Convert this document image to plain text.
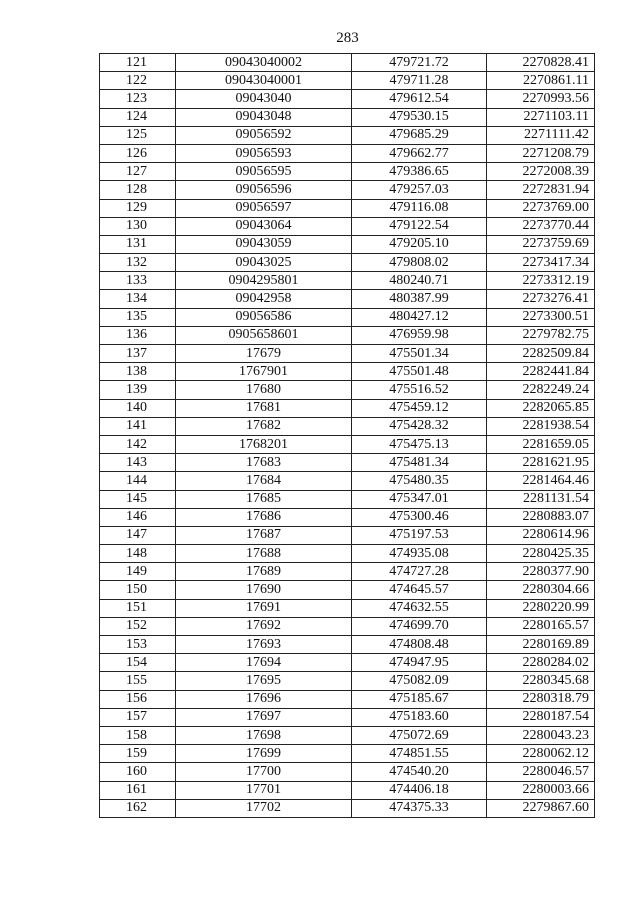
283
121	09043040002	479721.72	2270828.41
122	09043040001	479711.28	2270861.11
123	09043040	479612.54	2270993.56
124	09043048	479530.15	2271103.11
125	09056592	479685.29	2271111.42
126	09056593	479662.77	2271208.79
127	09056595	479386.65	2272008.39
128	09056596	479257.03	2272831.94
129	09056597	479116.08	2273769.00
130	09043064	479122.54	2273770.44
131	09043059	479205.10	2273759.69
132	09043025	479808.02	2273417.34
133	0904295801	480240.71	2273312.19
134	09042958	480387.99	2273276.41
135	09056586	480427.12	2273300.51
136	0905658601	476959.98	2279782.75
137	17679	475501.34	2282509.84
138	1767901	475501.48	2282441.84
139	17680	475516.52	2282249.24
140	17681	475459.12	2282065.85
141	17682	475428.32	2281938.54
142	1768201	475475.13	2281659.05
143	17683	475481.34	2281621.95
144	17684	475480.35	2281464.46
145	17685	475347.01	2281131.54
146	17686	475300.46	2280883.07
147	17687	475197.53	2280614.96
148	17688	474935.08	2280425.35
149	17689	474727.28	2280377.90
150	17690	474645.57	2280304.66
151	17691	474632.55	2280220.99
152	17692	474699.70	2280165.57
153	17693	474808.48	2280169.89
154	17694	474947.95	2280284.02
155	17695	475082.09	2280345.68
156	17696	475185.67	2280318.79
157	17697	475183.60	2280187.54
158	17698	475072.69	2280043.23
159	17699	474851.55	2280062.12
160	17700	474540.20	2280046.57
161	17701	474406.18	2280003.66
162	17702	474375.33	2279867.60
